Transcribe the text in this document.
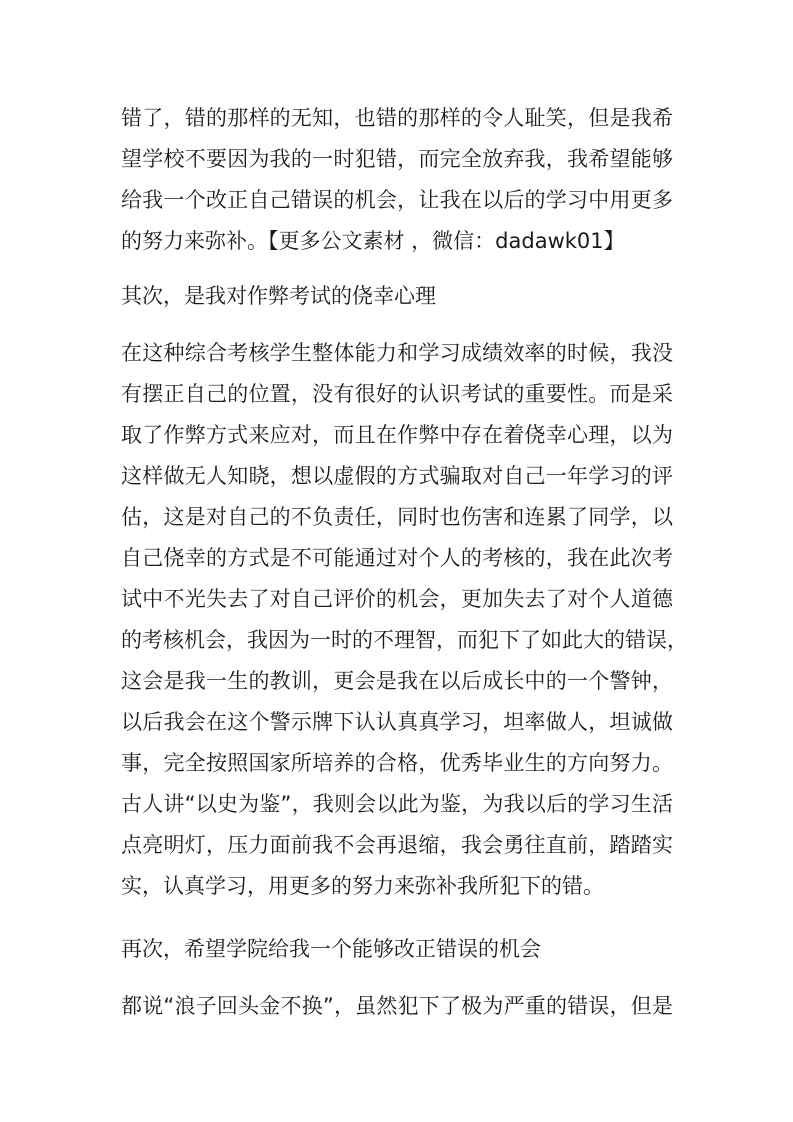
错了，错的那样的无知，也错的那样的令人耻笑，但是我希
望学校不要因为我的一时犯错，而完全放弃我，我希望能够
给我一个改正自己错误的机会，让我在以后的学习中用更多
的努力来弥补。【更多公文素材 ，微信：dadawk01】
其次，是我对作弊考试的侥幸心理
在这种综合考核学生整体能力和学习成绩效率的时候，我没
有摆正自己的位置，没有很好的认识考试的重要性。而是采
取了作弊方式来应对，而且在作弊中存在着侥幸心理，以为
这样做无人知晓，想以虚假的方式骗取对自己一年学习的评
估，这是对自己的不负责任，同时也伤害和连累了同学，以
自己侥幸的方式是不可能通过对个人的考核的，我在此次考
试中不光失去了对自己评价的机会，更加失去了对个人道德
的考核机会，我因为一时的不理智，而犯下了如此大的错误，
这会是我一生的教训，更会是我在以后成长中的一个警钟，
以后我会在这个警示牌下认认真真学习，坦率做人，坦诚做
事，完全按照国家所培养的合格，优秀毕业生的方向努力。
古人讲“以史为鉴”，我则会以此为鉴，为我以后的学习生活
点亮明灯，压力面前我不会再退缩，我会勇往直前，踏踏实
实，认真学习，用更多的努力来弥补我所犯下的错。
再次，希望学院给我一个能够改正错误的机会
都说“浪子回头金不换”，虽然犯下了极为严重的错误，但是
